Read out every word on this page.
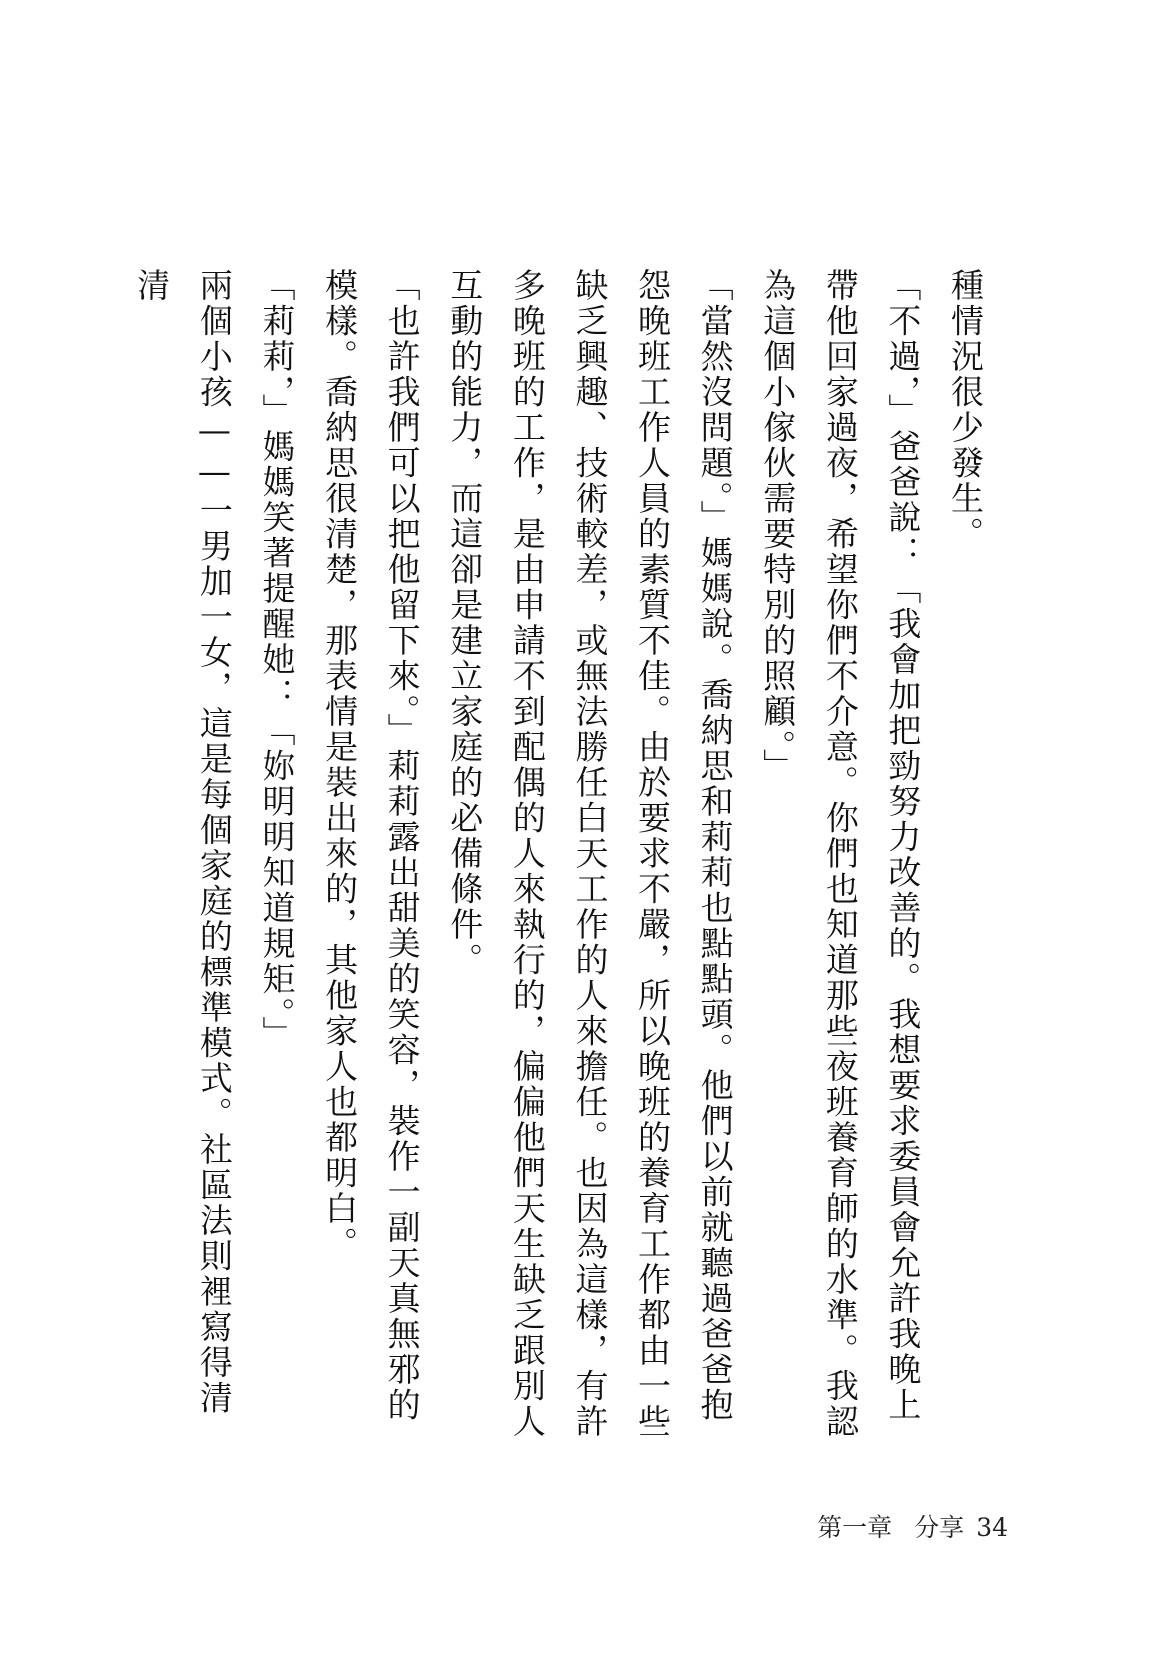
種情況很少發生。

「不過，」爸爸說：「我會加把勁努力改善的。我想要求委員會允許我晚上帶他回家過夜，希望你們不介意。你們也知道那些夜班養育師的水準。我認為這個小傢伙需要特別的照顧。」

「當然沒問題。」媽媽說。喬納思和莉莉也點點頭。他們以前就聽過爸爸抱怨晚班工作人員的素質不佳。由於要求不嚴，所以晚班的養育工作都由一些缺乏興趣、技術較差，或無法勝任白天工作的人來擔任。也因為這樣，有許多晚班的工作，是由申請不到配偶的人來執行的，偏偏他們天生缺乏跟別人互動的能力，而這卻是建立家庭的必備條件。

「也許我們可以把他留下來。」莉莉露出甜美的笑容，裝作一副天真無邪的模樣。喬納思很清楚，那表情是裝出來的，其他家人也都明白。

「莉莉，」媽媽笑著提醒她：「妳明明知道規矩。」

兩個小孩——一男加一女，這是每個家庭的標準模式。社區法則裡寫得清清

第一章 分享 34
